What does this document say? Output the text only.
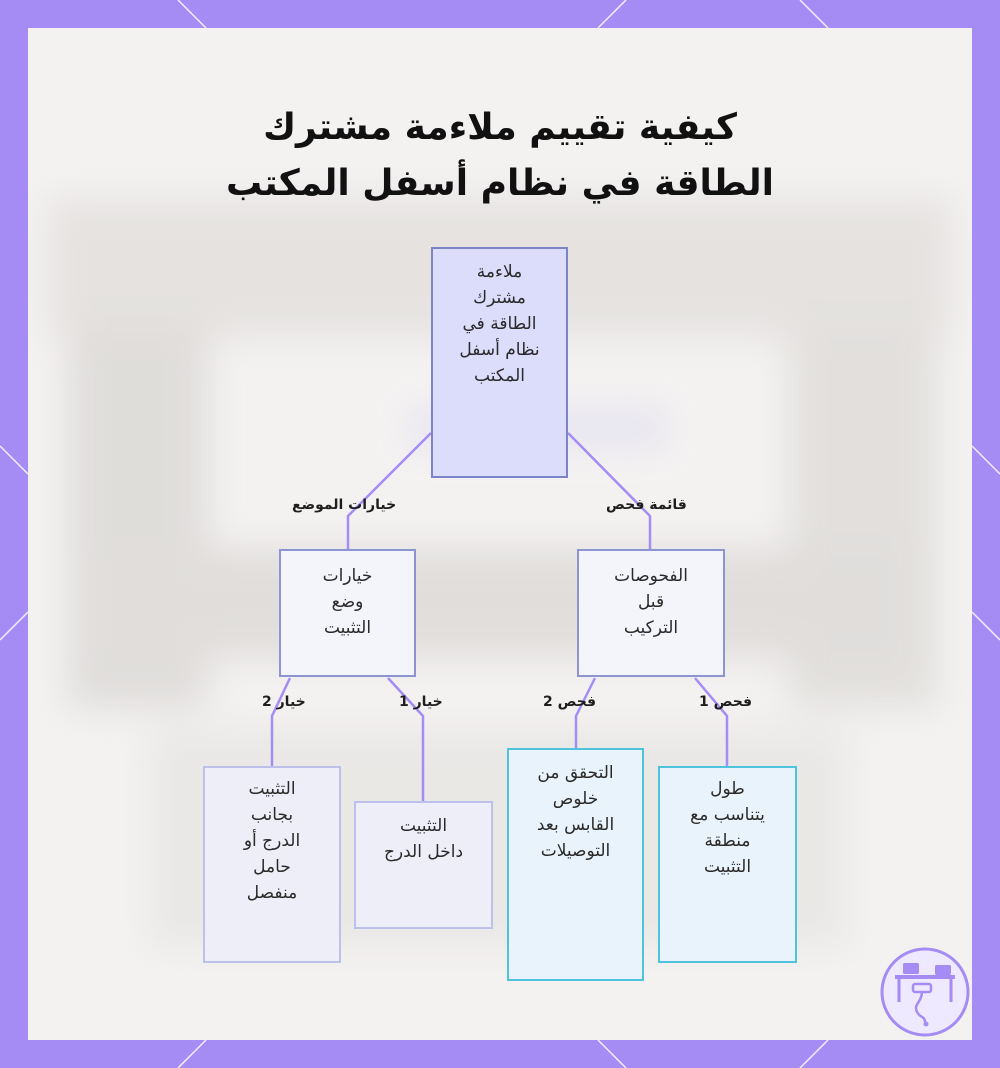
كيفية تقييم ملاءمة مشترك
الطاقة في نظام أسفل المكتب
ملاءمة
مشترك
الطاقة في
نظام أسفل
المكتب
خيارات الموضع	قائمة فحص
خيارات
وضع
التثبيت
الفحوصات
قبل
التركيب
خيار 2	خيار 1	فحص 2	فحص 1
التثبيت
بجانب
الدرج أو
حامل
منفصل
التثبيت
داخل الدرج
التحقق من
خلوص
القابس بعد
التوصيلات
طول
يتناسب مع
منطقة
التثبيت
